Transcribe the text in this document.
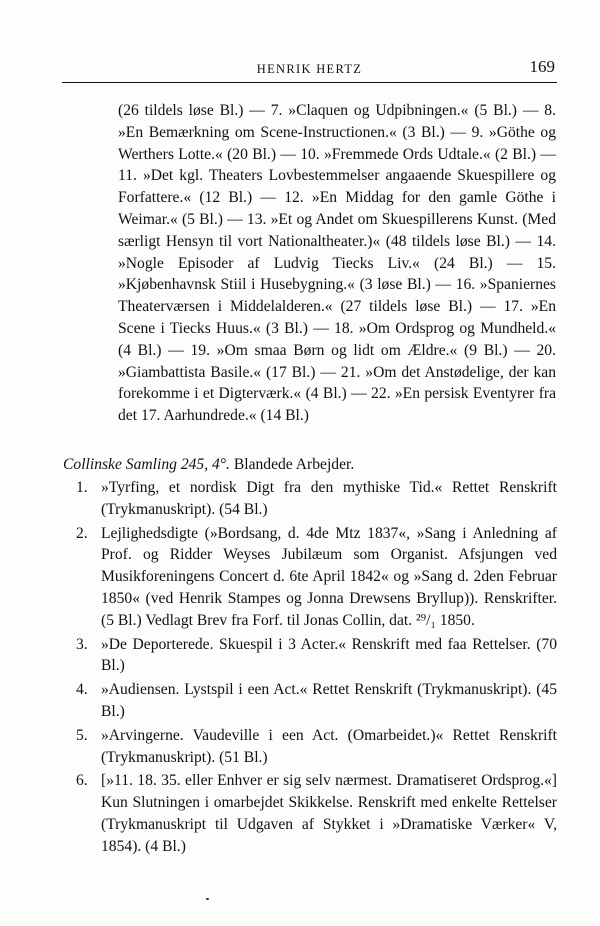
HENRIK HERTZ	169
(26 tildels løse Bl.) — 7. »Claquen og Udpibningen.« (5 Bl.) — 8. »En Bemærkning om Scene-Instructionen.« (3 Bl.) — 9. »Göthe og Werthers Lotte.« (20 Bl.) — 10. »Fremmede Ords Udtale.« (2 Bl.) — 11. »Det kgl. Theaters Lovbestemmelser angaaende Skuespillere og Forfattere.« (12 Bl.) — 12. »En Middag for den gamle Göthe i Weimar.« (5 Bl.) — 13. »Et og Andet om Skuespillerens Kunst. (Med særligt Hensyn til vort Nationaltheater.)« (48 tildels løse Bl.) — 14. »Nogle Episoder af Ludvig Tiecks Liv.« (24 Bl.) — 15. »Kjøbenhavnsk Stiil i Husebygning.« (3 løse Bl.) — 16. »Spaniernes Theaterværsen i Middelalderen.« (27 tildels løse Bl.) — 17. »En Scene i Tiecks Huus.« (3 Bl.) — 18. »Om Ordsprog og Mundheld.« (4 Bl.) — 19. »Om smaa Børn og lidt om Ældre.« (9 Bl.) — 20. »Giambattista Basile.« (17 Bl.) — 21. »Om det Anstødelige, der kan forekomme i et Digterværk.« (4 Bl.) — 22. »En persisk Eventyrer fra det 17. Aarhundrede.« (14 Bl.)
Collinske Samling 245, 4°. Blandede Arbejder.
1. »Tyrfing, et nordisk Digt fra den mythiske Tid.« Rettet Renskrift (Trykmanuskript). (54 Bl.)
2. Lejlighedsdigte (»Bordsang, d. 4de Mtz 1837«, »Sang i Anledning af Prof. og Ridder Weyses Jubilæum som Organist. Afsjungen ved Musikforeningens Concert d. 6te April 1842« og »Sang d. 2den Februar 1850« (ved Henrik Stampes og Jonna Drewsens Bryllup)). Renskrifter. (5 Bl.) Vedlagt Brev fra Forf. til Jonas Collin, dat. ²⁹/₁ 1850.
3. »De Deporterede. Skuespil i 3 Acter.« Renskrift med faa Rettelser. (70 Bl.)
4. »Audiensen. Lystspil i een Act.« Rettet Renskrift (Trykmanuskript). (45 Bl.)
5. »Arvingerne. Vaudeville i een Act. (Omarbeidet.)« Rettet Renskrift (Trykmanuskript). (51 Bl.)
6. [»11. 18. 35. eller Enhver er sig selv nærmest. Dramatiseret Ordsprog.«] Kun Slutningen i omarbejdet Skikkelse. Renskrift med enkelte Rettelser (Trykmanuskript til Udgaven af Stykket i »Dramatiske Værker« V, 1854). (4 Bl.)
